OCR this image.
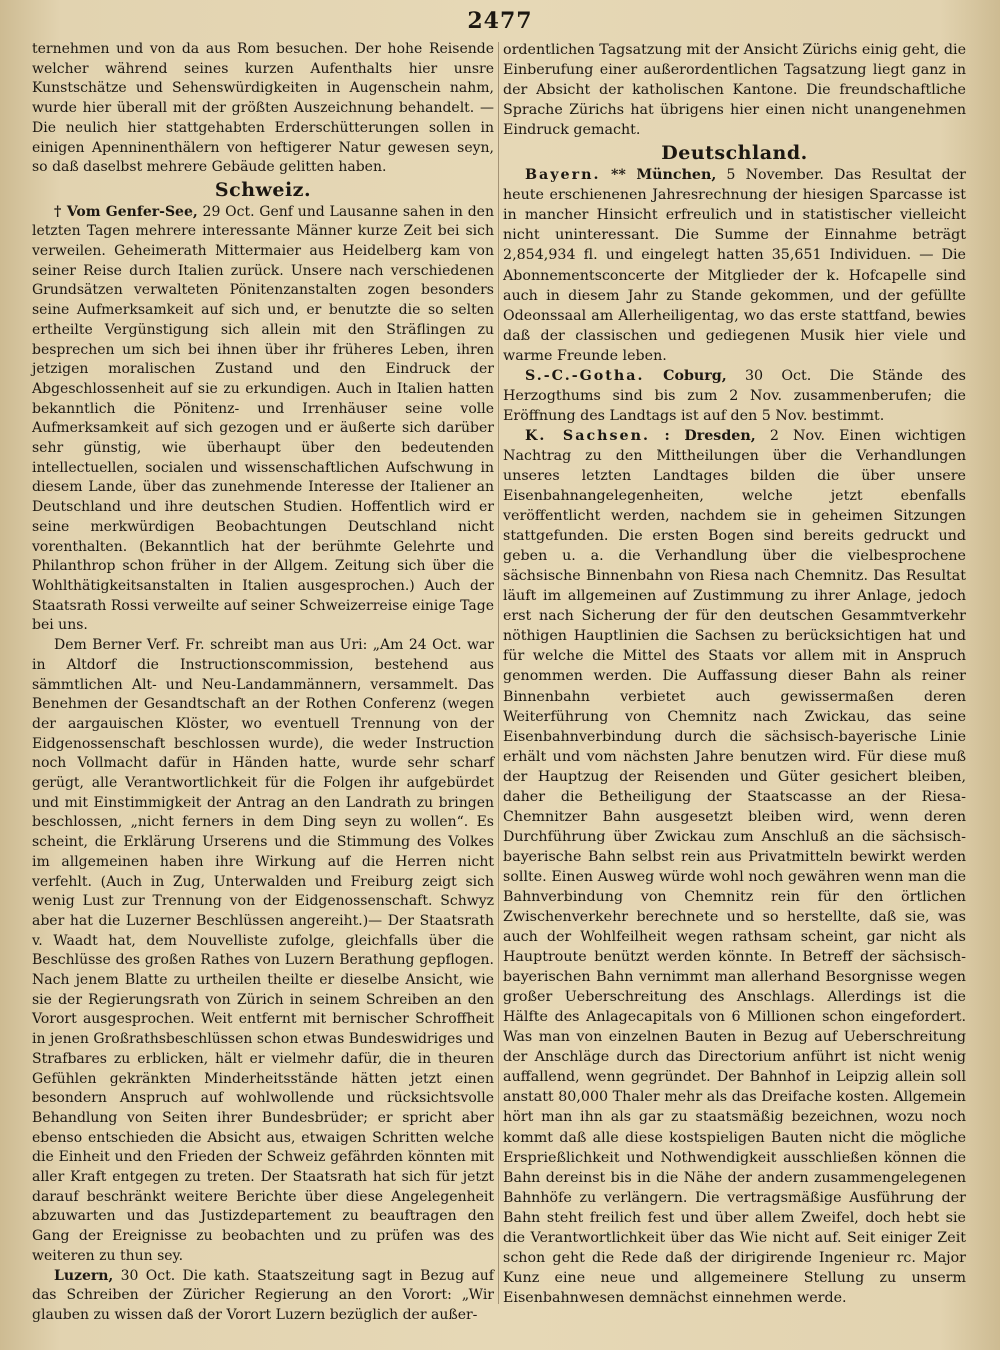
2477

ternehmen und von da aus Rom besuchen. Der hohe Reisende welcher während seines kurzen Aufenthalts hier unsre Kunstschätze und Sehenswürdigkeiten in Augenschein nahm, wurde hier überall mit der größten Auszeichnung behandelt. — Die neulich hier stattgehabten Erderschütterungen sollen in einigen Apenninenthälern von heftigerer Natur gewesen seyn, so daß daselbst mehrere Gebäude gelitten haben.

Schweiz.

† Vom Genfer-See, 29 Oct. Genf und Lausanne sahen in den letzten Tagen mehrere interessante Männer kurze Zeit bei sich verweilen. Geheimerath Mittermaier aus Heidelberg kam von seiner Reise durch Italien zurück. Unsere nach verschiedenen Grundsätzen verwalteten Pönitenzanstalten zogen besonders seine Aufmerksamkeit auf sich und, er benutzte die so selten ertheilte Vergünstigung sich allein mit den Sträflingen zu besprechen um sich bei ihnen über ihr früheres Leben, ihren jetzigen moralischen Zustand und den Eindruck der Abgeschlossenheit auf sie zu erkundigen. Auch in Italien hatten bekanntlich die Pönitenz- und Irrenhäuser seine volle Aufmerksamkeit auf sich gezogen und er äußerte sich darüber sehr günstig, wie überhaupt über den bedeutenden intellectuellen, socialen und wissenschaftlichen Aufschwung in diesem Lande, über das zunehmende Interesse der Italiener an Deutschland und ihre deutschen Studien. Hoffentlich wird er seine merkwürdigen Beobachtungen Deutschland nicht vorenthalten. (Bekanntlich hat der berühmte Gelehrte und Philanthrop schon früher in der Allgem. Zeitung sich über die Wohlthätigkeitsanstalten in Italien ausgesprochen.) Auch der Staatsrath Rossi verweilte auf seiner Schweizerreise einige Tage bei uns.

Dem Berner Verf. Fr. schreibt man aus Uri: „Am 24 Oct. war in Altdorf die Instructionscommission, bestehend aus sämmtlichen Alt- und Neu-Landammännern, versammelt. Das Benehmen der Gesandtschaft an der Rothen Conferenz (wegen der aargauischen Klöster, wo eventuell Trennung von der Eidgenossenschaft beschlossen wurde), die weder Instruction noch Vollmacht dafür in Händen hatte, wurde sehr scharf gerügt, alle Verantwortlichkeit für die Folgen ihr aufgebürdet und mit Einstimmigkeit der Antrag an den Landrath zu bringen beschlossen, „nicht ferners in dem Ding seyn zu wollen“. Es scheint, die Erklärung Urserens und die Stimmung des Volkes im allgemeinen haben ihre Wirkung auf die Herren nicht verfehlt. (Auch in Zug, Unterwalden und Freiburg zeigt sich wenig Lust zur Trennung von der Eidgenossenschaft. Schwyz aber hat die Luzerner Beschlüssen angereiht.)— Der Staatsrath v. Waadt hat, dem Nouvelliste zufolge, gleichfalls über die Beschlüsse des großen Rathes von Luzern Berathung gepflogen. Nach jenem Blatte zu urtheilen theilte er dieselbe Ansicht, wie sie der Regierungsrath von Zürich in seinem Schreiben an den Vorort ausgesprochen. Weit entfernt mit bernischer Schroffheit in jenen Großrathsbeschlüssen schon etwas Bundeswidriges und Strafbares zu erblicken, hält er vielmehr dafür, die in theuren Gefühlen gekränkten Minderheitsstände hätten jetzt einen besondern Anspruch auf wohlwollende und rücksichtsvolle Behandlung von Seiten ihrer Bundesbrüder; er spricht aber ebenso entschieden die Absicht aus, etwaigen Schritten welche die Einheit und den Frieden der Schweiz gefährden könnten mit aller Kraft entgegen zu treten. Der Staatsrath hat sich für jetzt darauf beschränkt weitere Berichte über diese Angelegenheit abzuwarten und das Justizdepartement zu beauftragen den Gang der Ereignisse zu beobachten und zu prüfen was des weiteren zu thun sey.

Luzern, 30 Oct. Die kath. Staatszeitung sagt in Bezug auf das Schreiben der Züricher Regierung an den Vorort: „Wir glauben zu wissen daß der Vorort Luzern bezüglich der außer-

ordentlichen Tagsatzung mit der Ansicht Zürichs einig geht, die Einberufung einer außerordentlichen Tagsatzung liegt ganz in der Absicht der katholischen Kantone. Die freundschaftliche Sprache Zürichs hat übrigens hier einen nicht unangenehmen Eindruck gemacht.

Deutschland.

Bayern. ** München, 5 November. Das Resultat der heute erschienenen Jahresrechnung der hiesigen Sparcasse ist in mancher Hinsicht erfreulich und in statistischer vielleicht nicht uninteressant. Die Summe der Einnahme beträgt 2,854,934 fl. und eingelegt hatten 35,651 Individuen. — Die Abonnementsconcerte der Mitglieder der k. Hofcapelle sind auch in diesem Jahr zu Stande gekommen, und der gefüllte Odeonssaal am Allerheiligentag, wo das erste stattfand, bewies daß der classischen und gediegenen Musik hier viele und warme Freunde leben.

S.-C.-Gotha. Coburg, 30 Oct. Die Stände des Herzogthums sind bis zum 2 Nov. zusammenberufen; die Eröffnung des Landtags ist auf den 5 Nov. bestimmt.

K. Sachsen. : Dresden, 2 Nov. Einen wichtigen Nachtrag zu den Mittheilungen über die Verhandlungen unseres letzten Landtages bilden die über unsere Eisenbahnangelegenheiten, welche jetzt ebenfalls veröffentlicht werden, nachdem sie in geheimen Sitzungen stattgefunden. Die ersten Bogen sind bereits gedruckt und geben u. a. die Verhandlung über die vielbesprochene sächsische Binnenbahn von Riesa nach Chemnitz. Das Resultat läuft im allgemeinen auf Zustimmung zu ihrer Anlage, jedoch erst nach Sicherung der für den deutschen Gesammtverkehr nöthigen Hauptlinien die Sachsen zu berücksichtigen hat und für welche die Mittel des Staats vor allem mit in Anspruch genommen werden. Die Auffassung dieser Bahn als reiner Binnenbahn verbietet auch gewissermaßen deren Weiterführung von Chemnitz nach Zwickau, das seine Eisenbahnverbindung durch die sächsisch-bayerische Linie erhält und vom nächsten Jahre benutzen wird. Für diese muß der Hauptzug der Reisenden und Güter gesichert bleiben, daher die Betheiligung der Staatscasse an der Riesa-Chemnitzer Bahn ausgesetzt bleiben wird, wenn deren Durchführung über Zwickau zum Anschluß an die sächsisch-bayerische Bahn selbst rein aus Privatmitteln bewirkt werden sollte. Einen Ausweg würde wohl noch gewähren wenn man die Bahnverbindung von Chemnitz rein für den örtlichen Zwischenverkehr berechnete und so herstellte, daß sie, was auch der Wohlfeilheit wegen rathsam scheint, gar nicht als Hauptroute benützt werden könnte. In Betreff der sächsisch-bayerischen Bahn vernimmt man allerhand Besorgnisse wegen großer Ueberschreitung des Anschlags. Allerdings ist die Hälfte des Anlagecapitals von 6 Millionen schon eingefordert. Was man von einzelnen Bauten in Bezug auf Ueberschreitung der Anschläge durch das Directorium anführt ist nicht wenig auffallend, wenn gegründet. Der Bahnhof in Leipzig allein soll anstatt 80,000 Thaler mehr als das Dreifache kosten. Allgemein hört man ihn als gar zu staatsmäßig bezeichnen, wozu noch kommt daß alle diese kostspieligen Bauten nicht die mögliche Ersprießlichkeit und Nothwendigkeit ausschließen können die Bahn dereinst bis in die Nähe der andern zusammengelegenen Bahnhöfe zu verlängern. Die vertragsmäßige Ausführung der Bahn steht freilich fest und über allem Zweifel, doch hebt sie die Verantwortlichkeit über das Wie nicht auf. Seit einiger Zeit schon geht die Rede daß der dirigirende Ingenieur rc. Major Kunz eine neue und allgemeinere Stellung zu unserm Eisenbahnwesen demnächst einnehmen werde.
